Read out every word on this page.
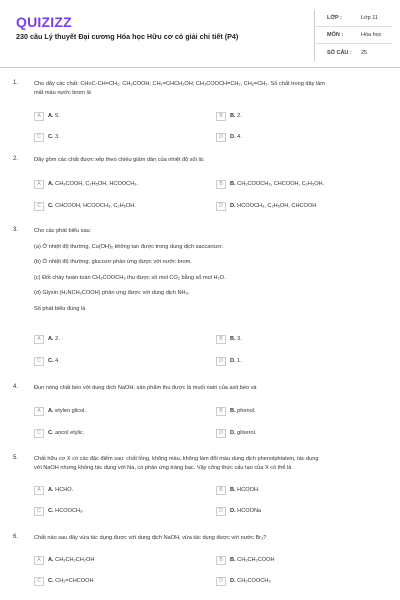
QUIZIZZ
230 câu Lý thuyết Đại cương Hóa học Hữu cơ có giải chi tiết (P4)
LỚP :	Lớp 11
MÔN :	Hóa học
SỐ CÂU :	25
1.	Cho dãy các chất: CH≡C-CH=CH₂; CH₃COOH; CH₂=CHCH₂OH; CH₃COOCH=CH₂; CH₂=CH₂. Số chất trong dãy làm
mất màu nước brom là
A	A. 5.	B	B. 2.
C	C. 3.	D	D. 4.
2.	Dãy gồm các chất được xếp theo chiều giảm dần của nhiệt độ sôi là:
A	A. CH₃COOH, C₂H₅OH, HCOOCH₃.	B	B. CH₃COOCH₃, CHCOOH, C₂H₅OH.
C	C. CHCOOH, HCOOCH₃, C₂H₅OH.	D	D. HCOOCH₃, C₂H₅OH, CHCOOH
3.	Cho các phát biểu sau:
(a) Ở nhiệt độ thường, Cu(OH)₂ không tan được trong dung dịch saccarozơ.
(b) Ở nhiệt độ thường, glucozơ phản ứng được với nước brom.
(c) Đốt cháy hoàn toàn CH₃COOCH₃ thu được số mol CO₂ bằng số mol H₂O.
(d) Glyxin (H₂NCH₂COOH) phản ứng được với dung dịch NH₃.
Số phát biểu đúng là
A	A. 2.	B	B. 3.
C	C. 4.	D	D. 1.
4.	Đun nóng chất béo với dung dịch NaOH, sản phẩm thu được là muối natri của axit béo và
A	A. etylen glicol.	B	B. phenol.
C	C. ancol etylic.	D	D. glixerol.
5.	Chất hữu cơ X có các đặc điểm sau: chất lỏng, không màu, không làm đổi màu dung dịch phenolphtalein, tác dụng
với NaOH nhưng không tác dụng với Na, có phản ứng tráng bạc. Vậy công thức cấu tạo của X có thể là
A	A. HCHO.	B	B. HCOOH.
C	C. HCOOCH₃.	D	D. HCOONa
6.	Chất nào sau đây vừa tác dụng được với dung dịch NaOH, vừa tác dụng được với nước Br₂?
A	A. CH₃CH₂CH₂OH	B	B. CH₃CH₂COOH
C	C. CH₂=CHCOOH	D	D. CH₃COOCH₃
